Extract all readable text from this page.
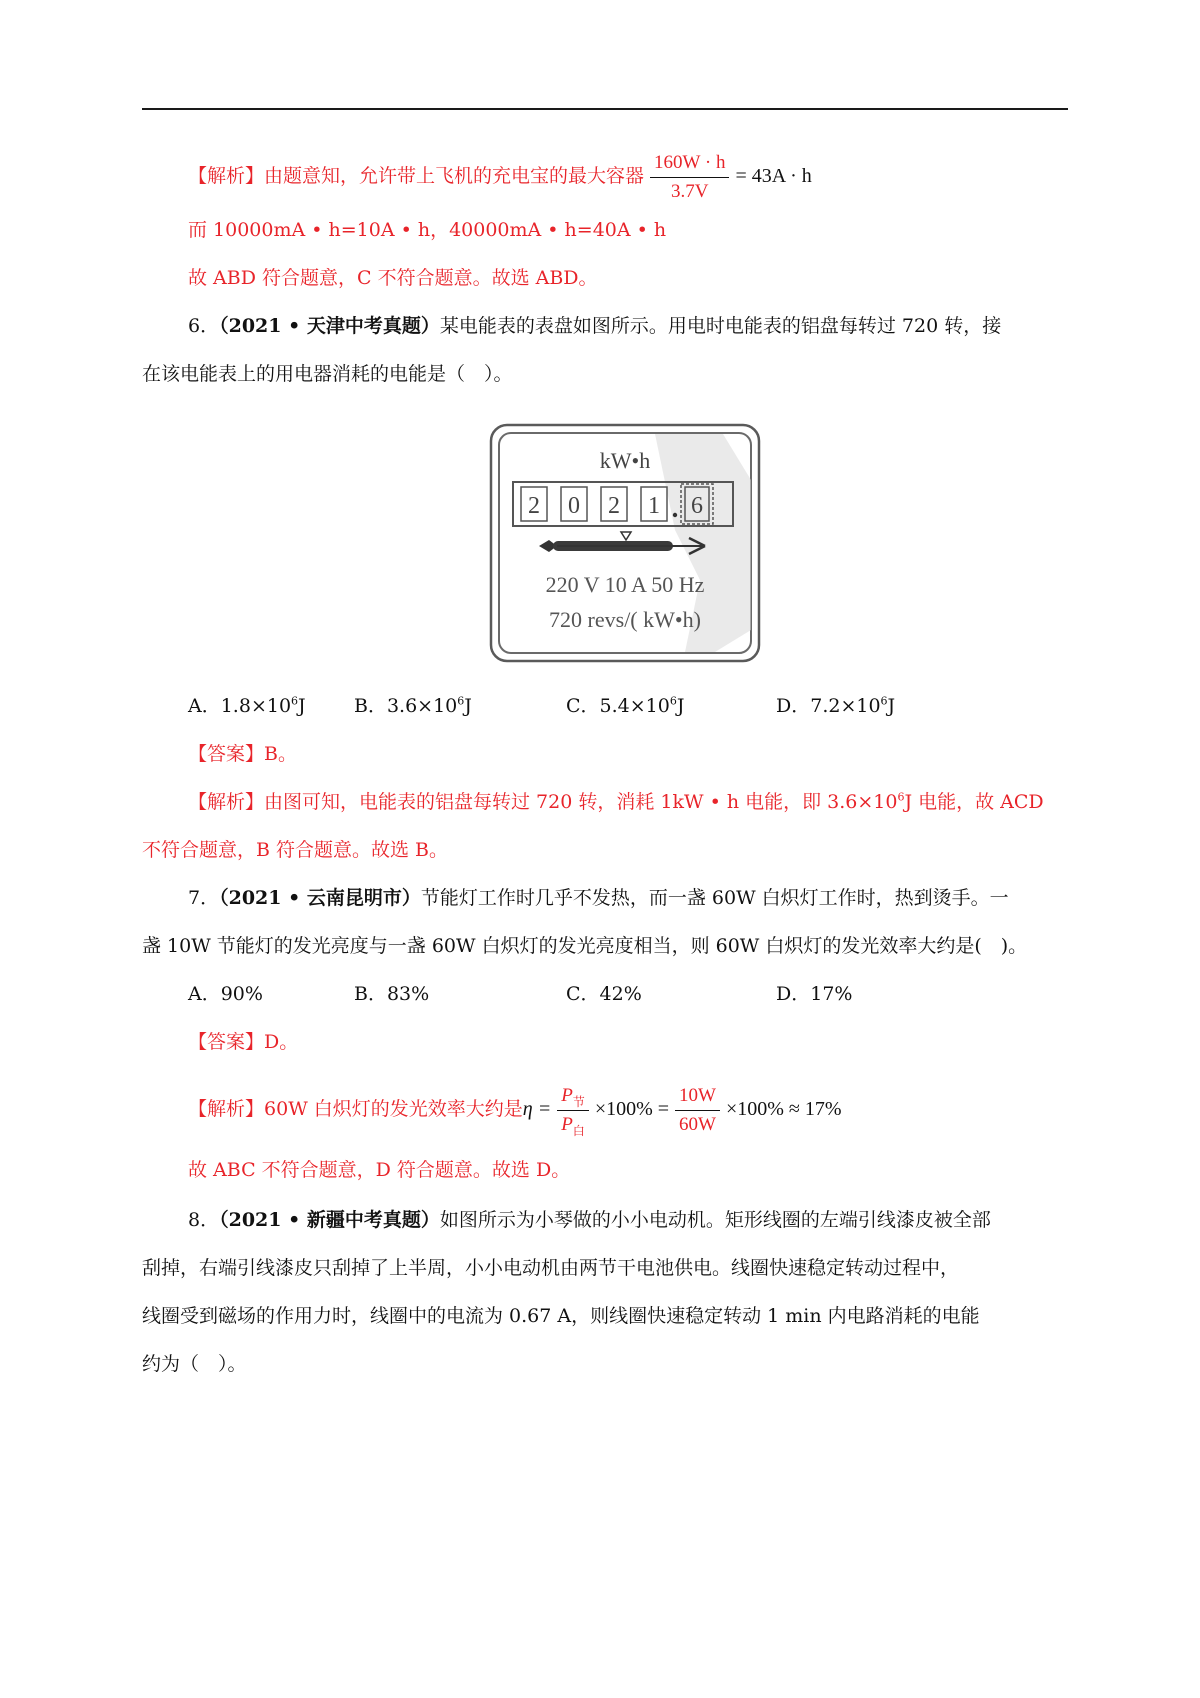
【解析】由题意知，允许带上飞机的充电宝的最大容器 $\frac{160W \cdot h}{3.7V} = 43A \cdot h$
而 10000mA • h=10A • h，40000mA • h=40A • h
故 ABD 符合题意，C 不符合题意。故选 ABD。
6．（2021 • 天津中考真题）某电能表的表盘如图所示。用电时电能表的铝盘每转过 720 转，接
在该电能表上的用电器消耗的电能是（　）。
kW•h
2 0 2 1 6
220 V 10 A 50 Hz
720 revs/( kW•h)
A．$1.8\times 10^6J$	B．$3.6\times 10^6J$	C．$5.4\times 10^6J$	D．$7.2\times 10^6J$
【答案】B。
【解析】由图可知，电能表的铝盘每转过 720 转，消耗 1kW • h 电能，即 $3.6\times 10^6J$ 电能，故 ACD
不符合题意，B 符合题意。故选 B。
7．（2021 • 云南昆明市）节能灯工作时几乎不发热，而一盏 60W 白炽灯工作时，热到烫手。一
盏 10W 节能灯的发光亮度与一盏 60W 白炽灯的发光亮度相当，则 60W 白炽灯的发光效率大约是(　)。
A．90%	B．83%	C．42%	D．17%
【答案】D。
【解析】60W 白炽灯的发光效率大约是$\eta = \frac{P_节}{P_白} \times 100\% = \frac{10W}{60W} \times 100\% \approx 17\%$
故 ABC 不符合题意，D 符合题意。故选 D。
8．（2021 • 新疆中考真题）如图所示为小琴做的小小电动机。矩形线圈的左端引线漆皮被全部
刮掉，右端引线漆皮只刮掉了上半周，小小电动机由两节干电池供电。线圈快速稳定转动过程中，
线圈受到磁场的作用力时，线圈中的电流为 0.67 A，则线圈快速稳定转动 1 min 内电路消耗的电能
约为（　）。
